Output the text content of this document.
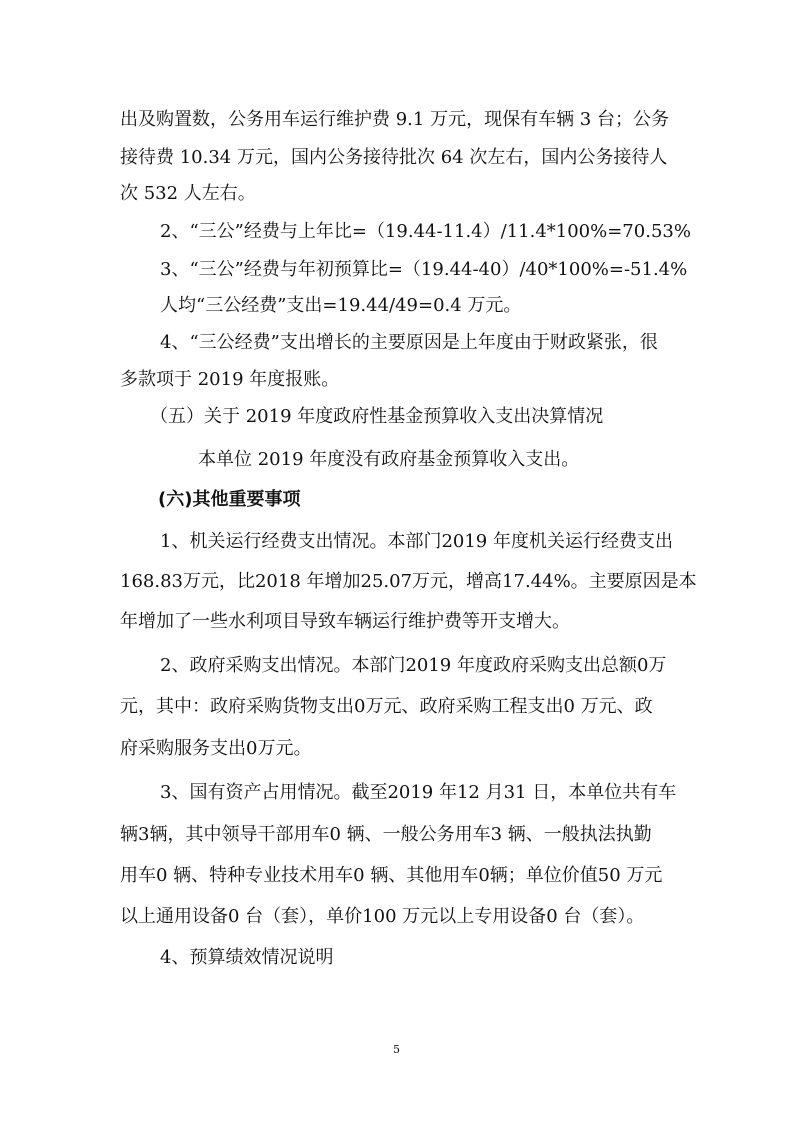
出及购置数，公务用车运行维护费 9.1 万元，现保有车辆 3 台；公务
接待费 10.34 万元，国内公务接待批次 64 次左右，国内公务接待人
次 532 人左右。
2、“三公”经费与上年比=（19.44-11.4）/11.4*100%=70.53%
3、“三公”经费与年初预算比=（19.44-40）/40*100%=-51.4%
人均“三公经费”支出=19.44/49=0.4 万元。
4、“三公经费”支出增长的主要原因是上年度由于财政紧张，很
多款项于 2019 年度报账。
（五）关于 2019 年度政府性基金预算收入支出决算情况
本单位 2019 年度没有政府基金预算收入支出。
(六)其他重要事项
1、机关运行经费支出情况。本部门2019 年度机关运行经费支出
168.83万元，比2018 年增加25.07万元，增高17.44%。主要原因是本
年增加了一些水利项目导致车辆运行维护费等开支增大。
2、政府采购支出情况。本部门2019 年度政府采购支出总额0万
元，其中：政府采购货物支出0万元、政府采购工程支出0 万元、政
府采购服务支出0万元。
3、国有资产占用情况。截至2019 年12 月31 日，本单位共有车
辆3辆，其中领导干部用车0 辆、一般公务用车3 辆、一般执法执勤
用车0 辆、特种专业技术用车0 辆、其他用车0辆；单位价值50 万元
以上通用设备0 台（套），单价100 万元以上专用设备0 台（套）。
4、预算绩效情况说明
5
